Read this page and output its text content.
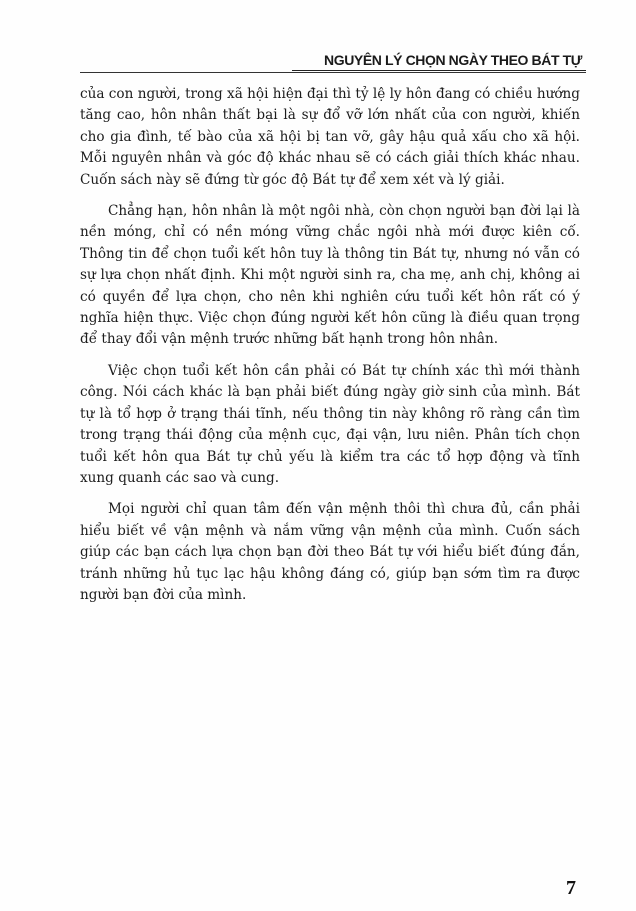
NGUYÊN LÝ CHỌN NGÀY THEO BÁT TỰ

của con người, trong xã hội hiện đại thì tỷ lệ ly hôn đang có chiều hướng tăng cao, hôn nhân thất bại là sự đổ vỡ lớn nhất của con người, khiến cho gia đình, tế bào của xã hội bị tan vỡ, gây hậu quả xấu cho xã hội. Mỗi nguyên nhân và góc độ khác nhau sẽ có cách giải thích khác nhau. Cuốn sách này sẽ đứng từ góc độ Bát tự để xem xét và lý giải.

Chẳng hạn, hôn nhân là một ngôi nhà, còn chọn người bạn đời lại là nền móng, chỉ có nền móng vững chắc ngôi nhà mới được kiên cố. Thông tin để chọn tuổi kết hôn tuy là thông tin Bát tự, nhưng nó vẫn có sự lựa chọn nhất định. Khi một người sinh ra, cha mẹ, anh chị, không ai có quyền để lựa chọn, cho nên khi nghiên cứu tuổi kết hôn rất có ý nghĩa hiện thực. Việc chọn đúng người kết hôn cũng là điều quan trọng để thay đổi vận mệnh trước những bất hạnh trong hôn nhân.

Việc chọn tuổi kết hôn cần phải có Bát tự chính xác thì mới thành công. Nói cách khác là bạn phải biết đúng ngày giờ sinh của mình. Bát tự là tổ hợp ở trạng thái tĩnh, nếu thông tin này không rõ ràng cần tìm trong trạng thái động của mệnh cục, đại vận, lưu niên. Phân tích chọn tuổi kết hôn qua Bát tự chủ yếu là kiểm tra các tổ hợp động và tĩnh xung quanh các sao và cung.

Mọi người chỉ quan tâm đến vận mệnh thôi thì chưa đủ, cần phải hiểu biết về vận mệnh và nắm vững vận mệnh của mình. Cuốn sách giúp các bạn cách lựa chọn bạn đời theo Bát tự với hiểu biết đúng đắn, tránh những hủ tục lạc hậu không đáng có, giúp bạn sớm tìm ra được người bạn đời của mình.

7
